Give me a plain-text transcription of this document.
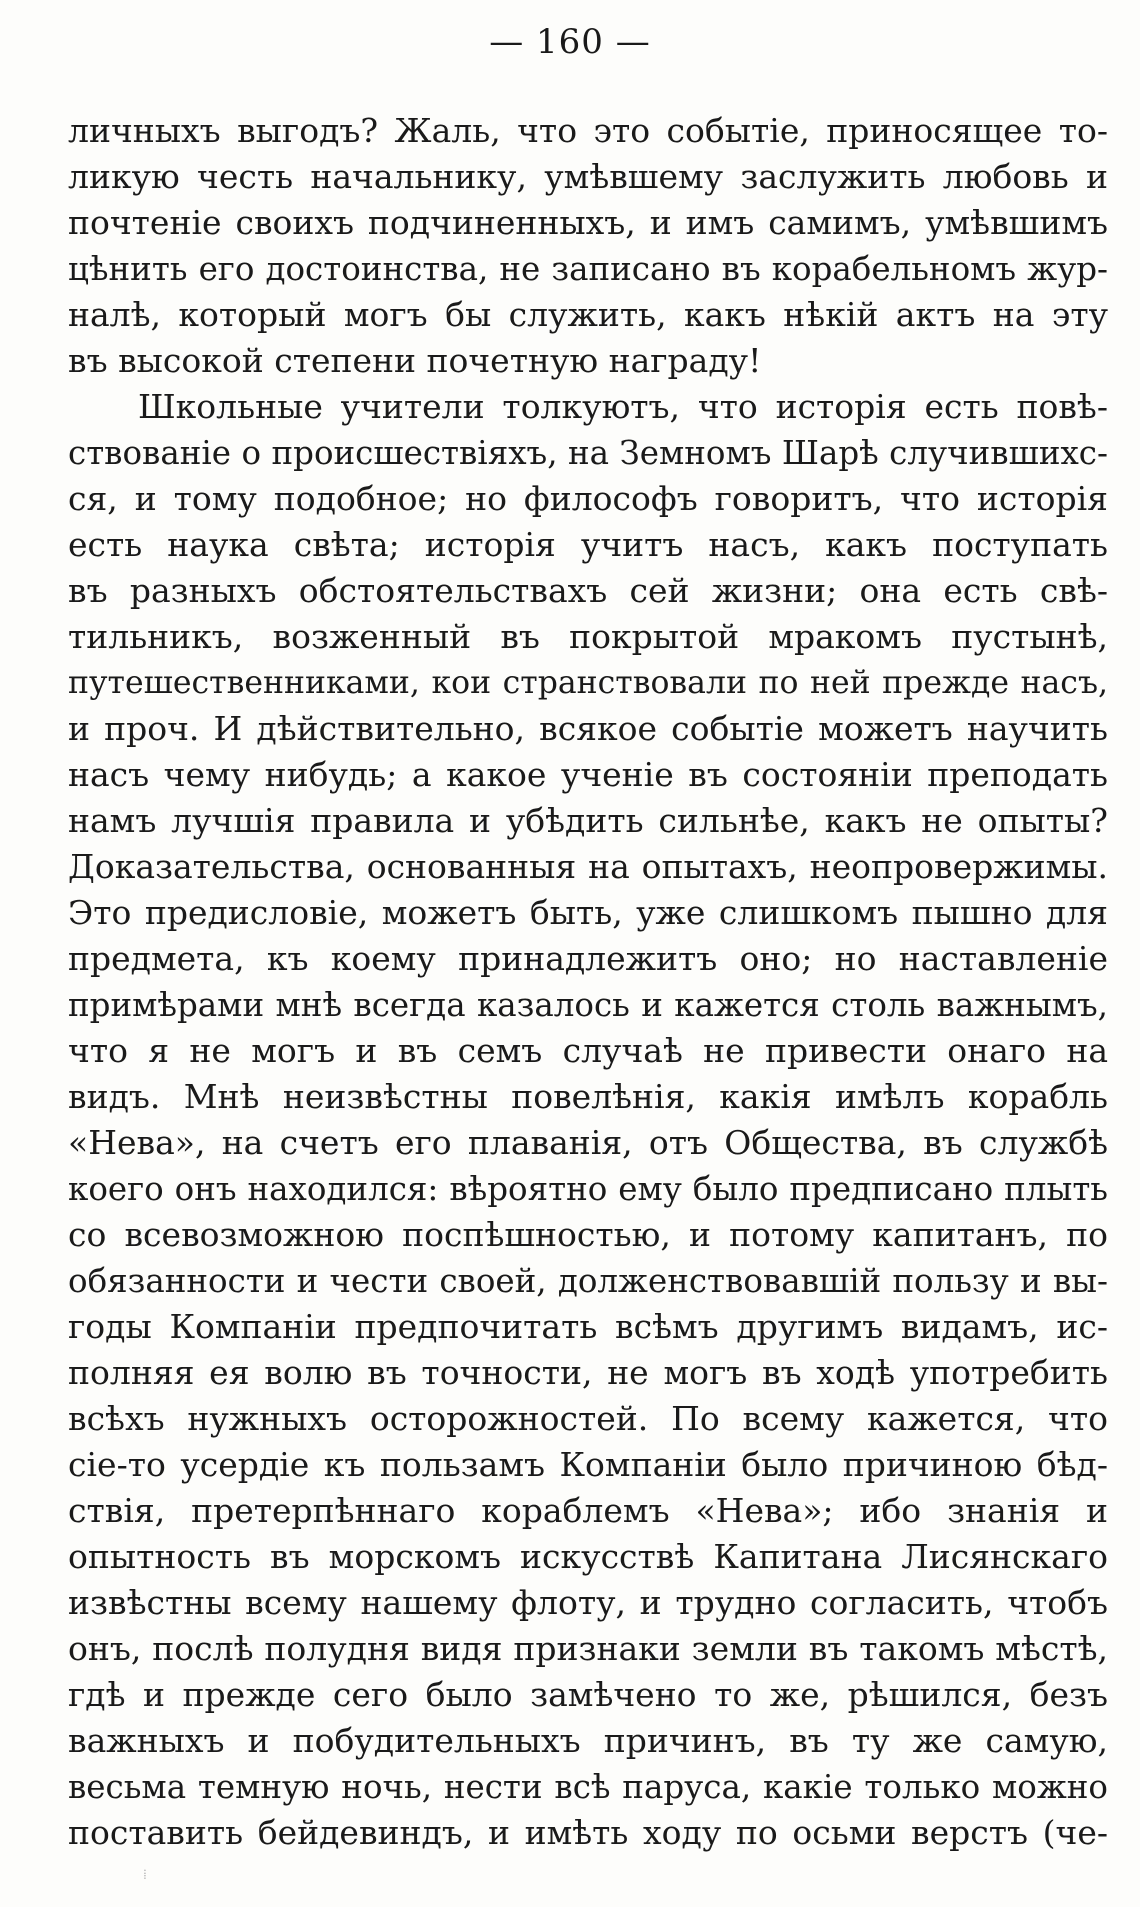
— 160 —
личныхъ выгодъ? Жаль, что это событіе, приносящее то-
ликую честь начальнику, умѣвшему заслужить любовь и
почтеніе своихъ подчиненныхъ, и имъ самимъ, умѣвшимъ
цѣнить его достоинства, не записано въ корабельномъ жур-
налѣ, который могъ бы служить, какъ нѣкій актъ на эту
въ высокой степени почетную награду!
Школьные учители толкуютъ, что исторія есть повѣ-
ствованіе о происшествіяхъ, на Земномъ Шарѣ случившихс-
ся, и тому подобное; но философъ говоритъ, что исторія
есть наука свѣта; исторія учитъ насъ, какъ поступать
въ разныхъ обстоятельствахъ сей жизни; она есть свѣ-
тильникъ, возженный въ покрытой мракомъ пустынѣ,
путешественниками, кои странствовали по ней прежде насъ,
и проч. И дѣйствительно, всякое событіе можетъ научить
насъ чему нибудь; а какое ученіе въ состояніи преподать
намъ лучшія правила и убѣдить сильнѣе, какъ не опыты?
Доказательства, основанныя на опытахъ, неопровержимы.
Это предисловіе, можетъ быть, уже слишкомъ пышно для
предмета, къ коему принадлежитъ оно; но наставленіе
примѣрами мнѣ всегда казалось и кажется столь важнымъ,
что я не могъ и въ семъ случаѣ не привести онаго на
видъ. Мнѣ неизвѣстны повелѣнія, какія имѣлъ корабль
«Нева», на счетъ его плаванія, отъ Общества, въ службѣ
коего онъ находился: вѣроятно ему было предписано плыть
со всевозможною поспѣшностью, и потому капитанъ, по
обязанности и чести своей, долженствовавшій пользу и вы-
годы Компаніи предпочитать всѣмъ другимъ видамъ, ис-
полняя ея волю въ точности, не могъ въ ходѣ употребить
всѣхъ нужныхъ осторожностей. По всему кажется, что
сіе-то усердіе къ пользамъ Компаніи было причиною бѣд-
ствія, претерпѣннаго кораблемъ «Нева»; ибо знанія и
опытность въ морскомъ искусствѣ Капитана Лисянскаго
извѣстны всему нашему флоту, и трудно согласить, чтобъ
онъ, послѣ полудня видя признаки земли въ такомъ мѣстѣ,
гдѣ и прежде сего было замѣчено то же, рѣшился, безъ
важныхъ и побудительныхъ причинъ, въ ту же самую,
весьма темную ночь, нести всѣ паруса, какіе только можно
поставить бейдевиндъ, и имѣть ходу по осьми верстъ (че-
⁞
